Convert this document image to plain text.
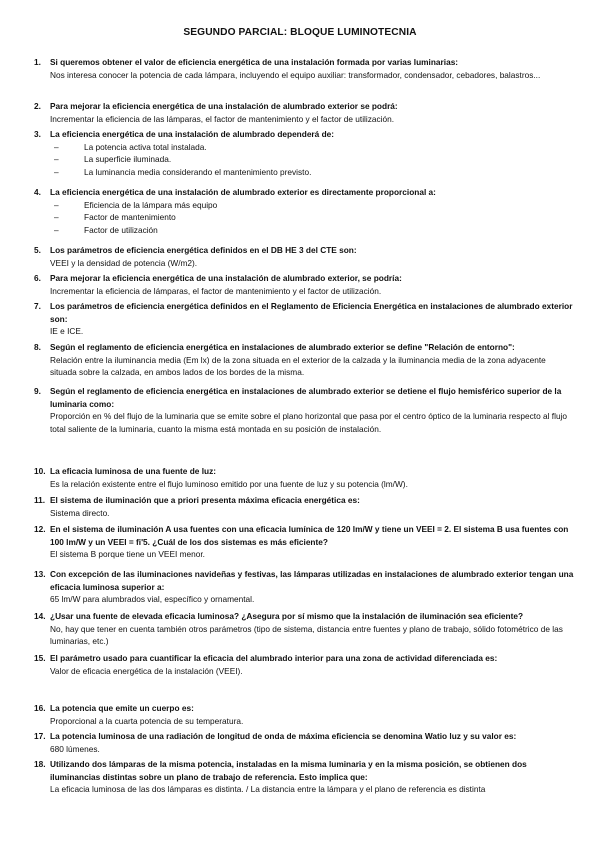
SEGUNDO PARCIAL: BLOQUE LUMINOTECNIA
1.	Si queremos obtener el valor de eficiencia energética de una instalación formada por varias luminarias:
Nos interesa conocer la potencia de cada lámpara, incluyendo el equipo auxiliar: transformador, condensador, cebadores, balastros...
2.	Para mejorar la eficiencia energética de una instalación de alumbrado exterior se podrá:
Incrementar la eficiencia de las lámparas, el factor de mantenimiento y el factor de utilización.
3.	La eficiencia energética de una instalación de alumbrado dependerá de:
–	La potencia activa total instalada.
–	La superficie iluminada.
–	La luminancia media considerando el mantenimiento previsto.
4.	La eficiencia energética de una instalación de alumbrado exterior es directamente proporcional a:
–	Eficiencia de la lámpara más equipo
–	Factor de mantenimiento
–	Factor de utilización
5.	Los parámetros de eficiencia energética definidos en el DB HE 3 del CTE son:
VEEI y la densidad de potencia (W/m2).
6.	Para mejorar la eficiencia energética de una instalación de alumbrado exterior, se podría:
Incrementar la eficiencia de lámparas, el factor de mantenimiento y el factor de utilización.
7.	Los parámetros de eficiencia energética definidos en el Reglamento de Eficiencia Energética en instalaciones de alumbrado exterior son:
IE e ICE.
8.	Según el reglamento de eficiencia energética en instalaciones de alumbrado exterior se define "Relación de entorno":
Relación entre la iluminancia media (Em lx) de la zona situada en el exterior de la calzada y la iluminancia media de la zona adyacente situada sobre la calzada, en ambos lados de los bordes de la misma.
9.	Según el reglamento de eficiencia energética en instalaciones de alumbrado exterior se detiene el flujo hemisférico superior de la luminaria como:
Proporción en % del flujo de la luminaria que se emite sobre el plano horizontal que pasa por el centro óptico de la luminaria respecto al flujo total saliente de la luminaria, cuanto la misma está montada en su posición de instalación.
10. La eficacia luminosa de una fuente de luz:
Es la relación existente entre el flujo luminoso emitido por una fuente de luz y su potencia (lm/W).
11. El sistema de iluminación que a priori presenta máxima eficacia energética es:
Sistema directo.
12. En el sistema de iluminación A usa fuentes con una eficacia lumínica de 120 lm/W y tiene un VEEI = 2. El sistema B usa fuentes con 100 lm/W y un VEEI = fi'5. ¿Cuál de los dos sistemas es más eficiente?
El sistema B porque tiene un VEEI menor.
13. Con excepción de las iluminaciones navideñas y festivas, las lámparas utilizadas en instalaciones de alumbrado exterior tengan una eficacia luminosa superior a:
65 lm/W para alumbrados vial, específico y ornamental.
14. ¿Usar una fuente de elevada eficacia luminosa? ¿Asegura por sí mismo que la instalación de iluminación sea eficiente?
No, hay que tener en cuenta también otros parámetros (tipo de sistema, distancia entre fuentes y plano de trabajo, sólido fotométrico de las luminarias, etc.)
15. El parámetro usado para cuantificar la eficacia del alumbrado interior para una zona de actividad diferenciada es:
Valor de eficacia energética de la instalación (VEEI).
16. La potencia que emite un cuerpo es:
Proporcional a la cuarta potencia de su temperatura.
17. La potencia luminosa de una radiación de longitud de onda de máxima eficiencia se denomina Watio luz y su valor es:
680 lúmenes.
18. Utilizando dos lámparas de la misma potencia, instaladas en la misma luminaria y en la misma posición, se obtienen dos iluminancias distintas sobre un plano de trabajo de referencia. Esto implica que:
La eficacia luminosa de las dos lámparas es distinta. / La distancia entre la lámpara y el plano de referencia es distinta
